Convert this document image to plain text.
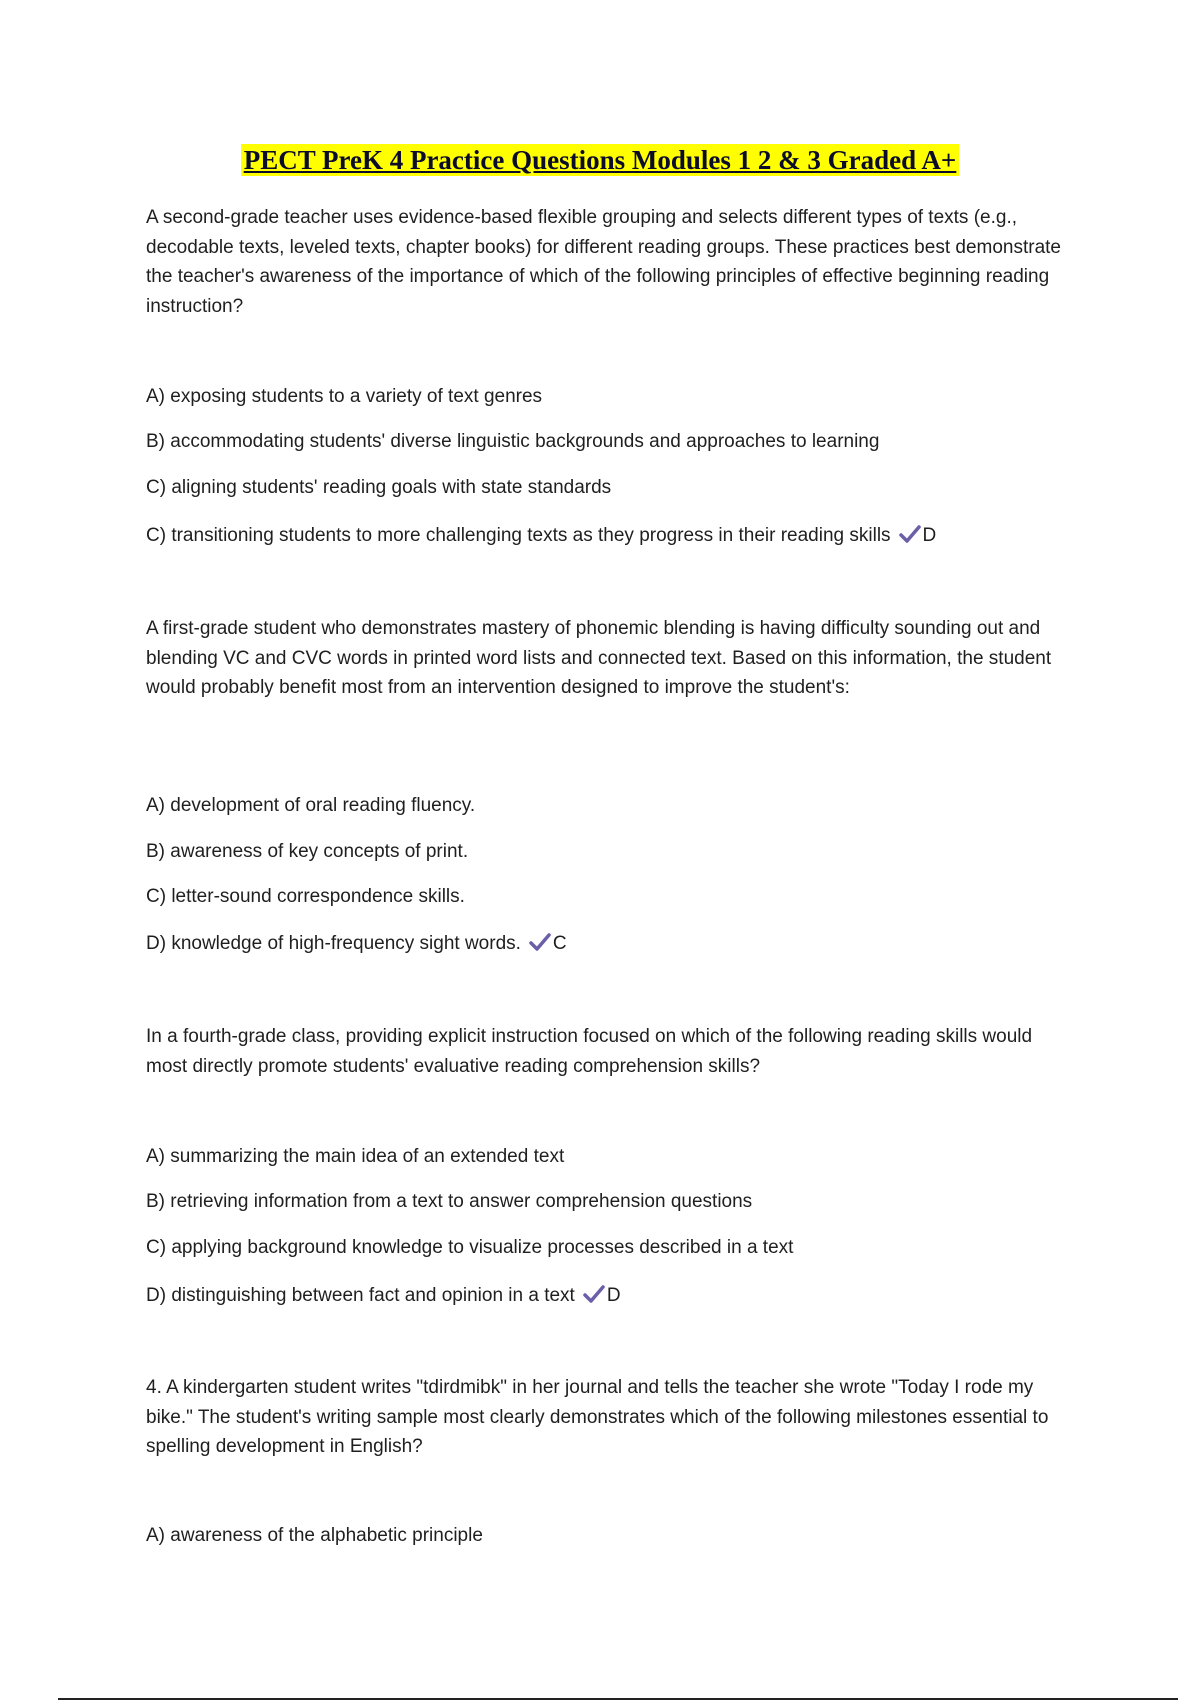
PECT PreK 4 Practice Questions Modules 1 2 & 3 Graded A+
A second-grade teacher uses evidence-based flexible grouping and selects different types of texts (e.g., decodable texts, leveled texts, chapter books) for different reading groups. These practices best demonstrate the teacher's awareness of the importance of which of the following principles of effective beginning reading instruction?
A) exposing students to a variety of text genres
B) accommodating students' diverse linguistic backgrounds and approaches to learning
C) aligning students' reading goals with state standards
C) transitioning students to more challenging texts as they progress in their reading skills D
A first-grade student who demonstrates mastery of phonemic blending is having difficulty sounding out and blending VC and CVC words in printed word lists and connected text. Based on this information, the student would probably benefit most from an intervention designed to improve the student's:
A) development of oral reading fluency.
B) awareness of key concepts of print.
C) letter-sound correspondence skills.
D) knowledge of high-frequency sight words. C
In a fourth-grade class, providing explicit instruction focused on which of the following reading skills would most directly promote students' evaluative reading comprehension skills?
A) summarizing the main idea of an extended text
B) retrieving information from a text to answer comprehension questions
C) applying background knowledge to visualize processes described in a text
D) distinguishing between fact and opinion in a text D
4. A kindergarten student writes "tdirdmibk" in her journal and tells the teacher she wrote "Today I rode my bike." The student's writing sample most clearly demonstrates which of the following milestones essential to spelling development in English?
A) awareness of the alphabetic principle
